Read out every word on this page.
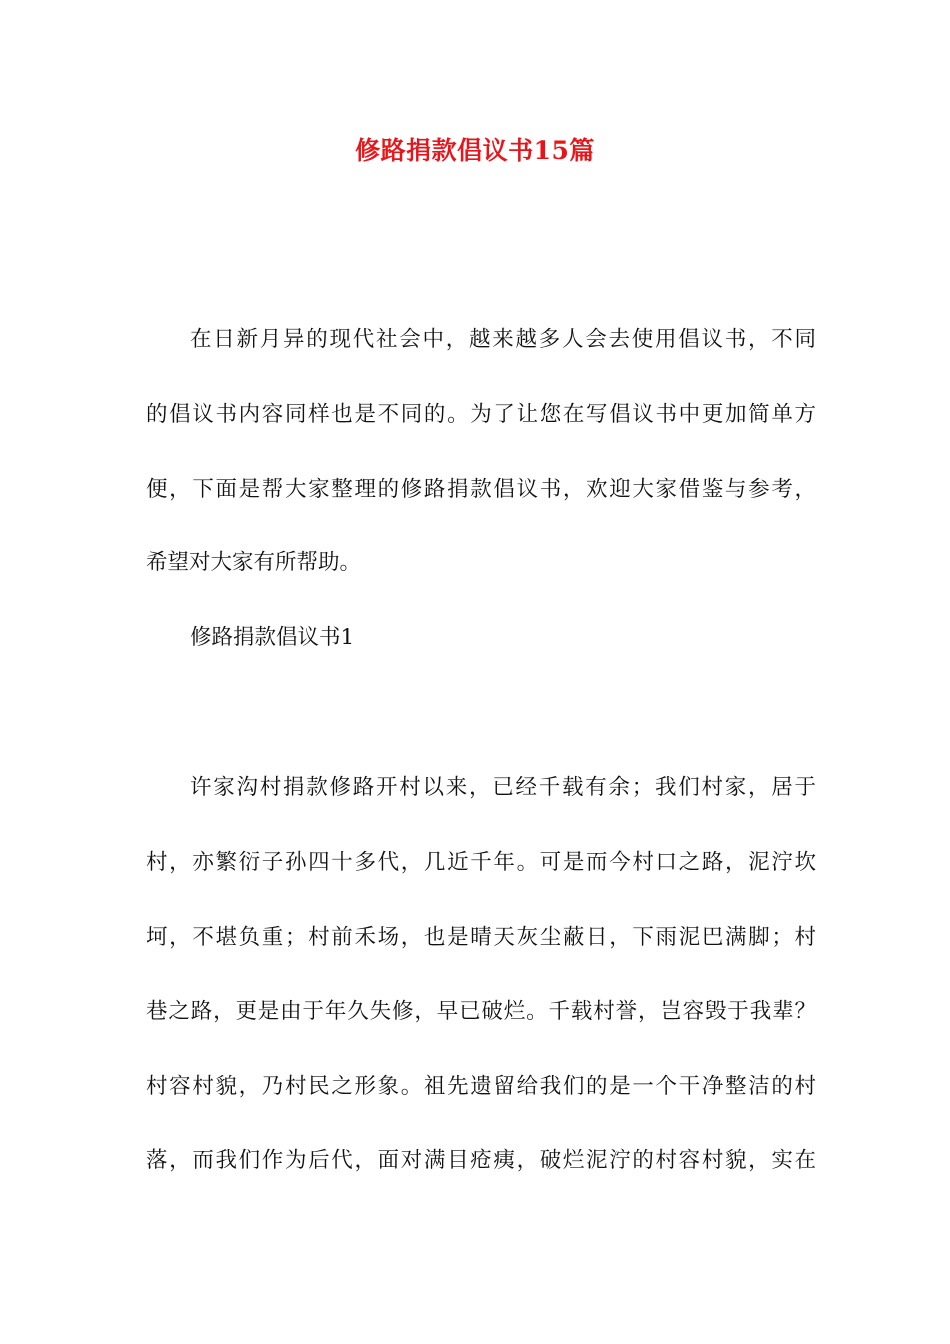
修路捐款倡议书15篇
在日新月异的现代社会中，越来越多人会去使用倡议书，不同
的倡议书内容同样也是不同的。为了让您在写倡议书中更加简单方
便，下面是帮大家整理的修路捐款倡议书，欢迎大家借鉴与参考，
希望对大家有所帮助。
修路捐款倡议书1
许家沟村捐款修路开村以来，已经千载有余；我们村家，居于
村，亦繁衍子孙四十多代，几近千年。可是而今村口之路，泥泞坎
坷，不堪负重；村前禾场，也是晴天灰尘蔽日，下雨泥巴满脚；村
巷之路，更是由于年久失修，早已破烂。千载村誉，岂容毁于我辈？
村容村貌，乃村民之形象。祖先遗留给我们的是一个干净整洁的村
落，而我们作为后代，面对满目疮痍，破烂泥泞的村容村貌，实在
